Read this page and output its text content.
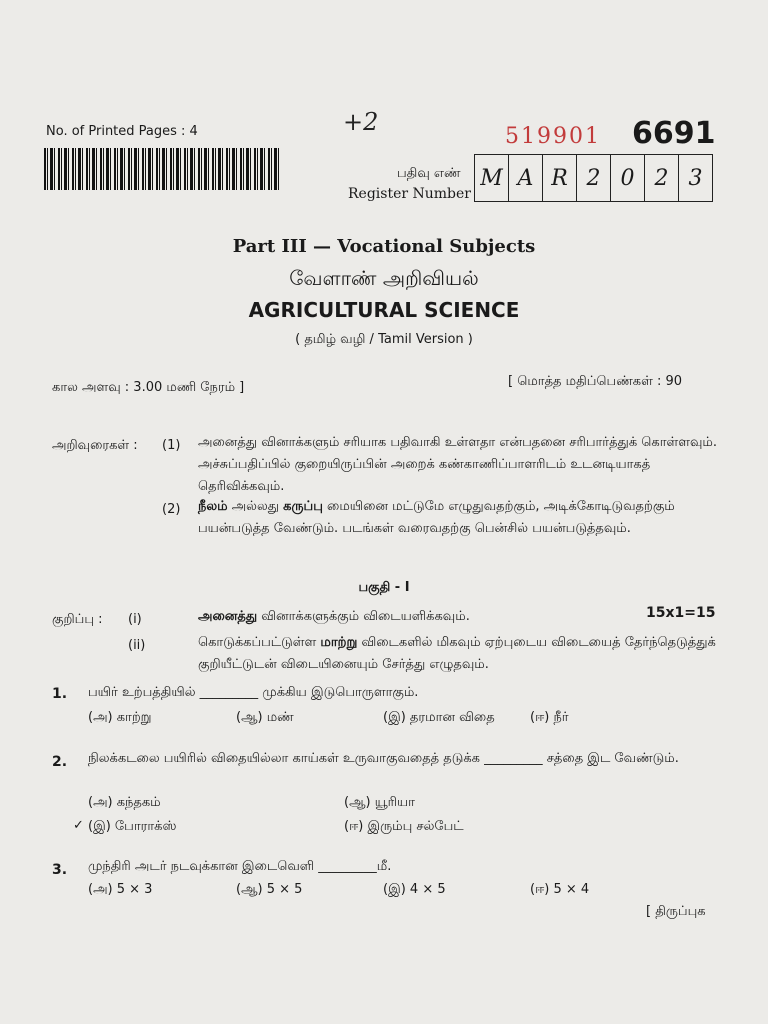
No. of Printed Pages : 4	+2
519901 6691
பதிவு எண்
Register Number
M A R 2 0 2 3
Part III — Vocational Subjects
வேளாண் அறிவியல்
AGRICULTURAL SCIENCE
( தமிழ் வழி / Tamil Version )
கால அளவு : 3.00 மணி நேரம் ]	[ மொத்த மதிப்பெண்கள் : 90
அறிவுரைகள் : (1) அனைத்து வினாக்களும் சரியாக பதிவாகி உள்ளதா என்பதனை சரிபார்த்துக் கொள்ளவும். அச்சுப்பதிப்பில் குறையிருப்பின் அறைக் கண்காணிப்பாளரிடம் உடனடியாகத் தெரிவிக்கவும்.
(2) நீலம் அல்லது கருப்பு மையினை மட்டுமே எழுதுவதற்கும், அடிக்கோடிடுவதற்கும் பயன்படுத்த வேண்டும். படங்கள் வரைவதற்கு பென்சில் பயன்படுத்தவும்.
பகுதி - I
குறிப்பு :	15x1=15
(i)	அனைத்து வினாக்களுக்கும் விடையளிக்கவும்.
(ii)	கொடுக்கப்பட்டுள்ள மாற்று விடைகளில் மிகவும் ஏற்புடைய விடையைத் தேர்ந்தெடுத்துக் குறியீட்டுடன் விடையினையும் சேர்த்து எழுதவும்.
1. பயிர் உற்பத்தியில் _________ முக்கிய இடுபொருளாகும்.
(அ) காற்று	(ஆ) மண்	(இ) தரமான விதை	(ஈ) நீர்
2. நிலக்கடலை பயிரில் விதையில்லா காய்கள் உருவாகுவதைத் தடுக்க _________ சத்தை இட வேண்டும்.
(அ) கந்தகம்	(ஆ) யூரியா
✓ (இ) போராக்ஸ்	(ஈ) இரும்பு சல்பேட்
3. முந்திரி அடர் நடவுக்கான இடைவெளி _________மீ.
(அ) 5 × 3	(ஆ) 5 × 5	(இ) 4 × 5	(ஈ) 5 × 4
[ திருப்புக
